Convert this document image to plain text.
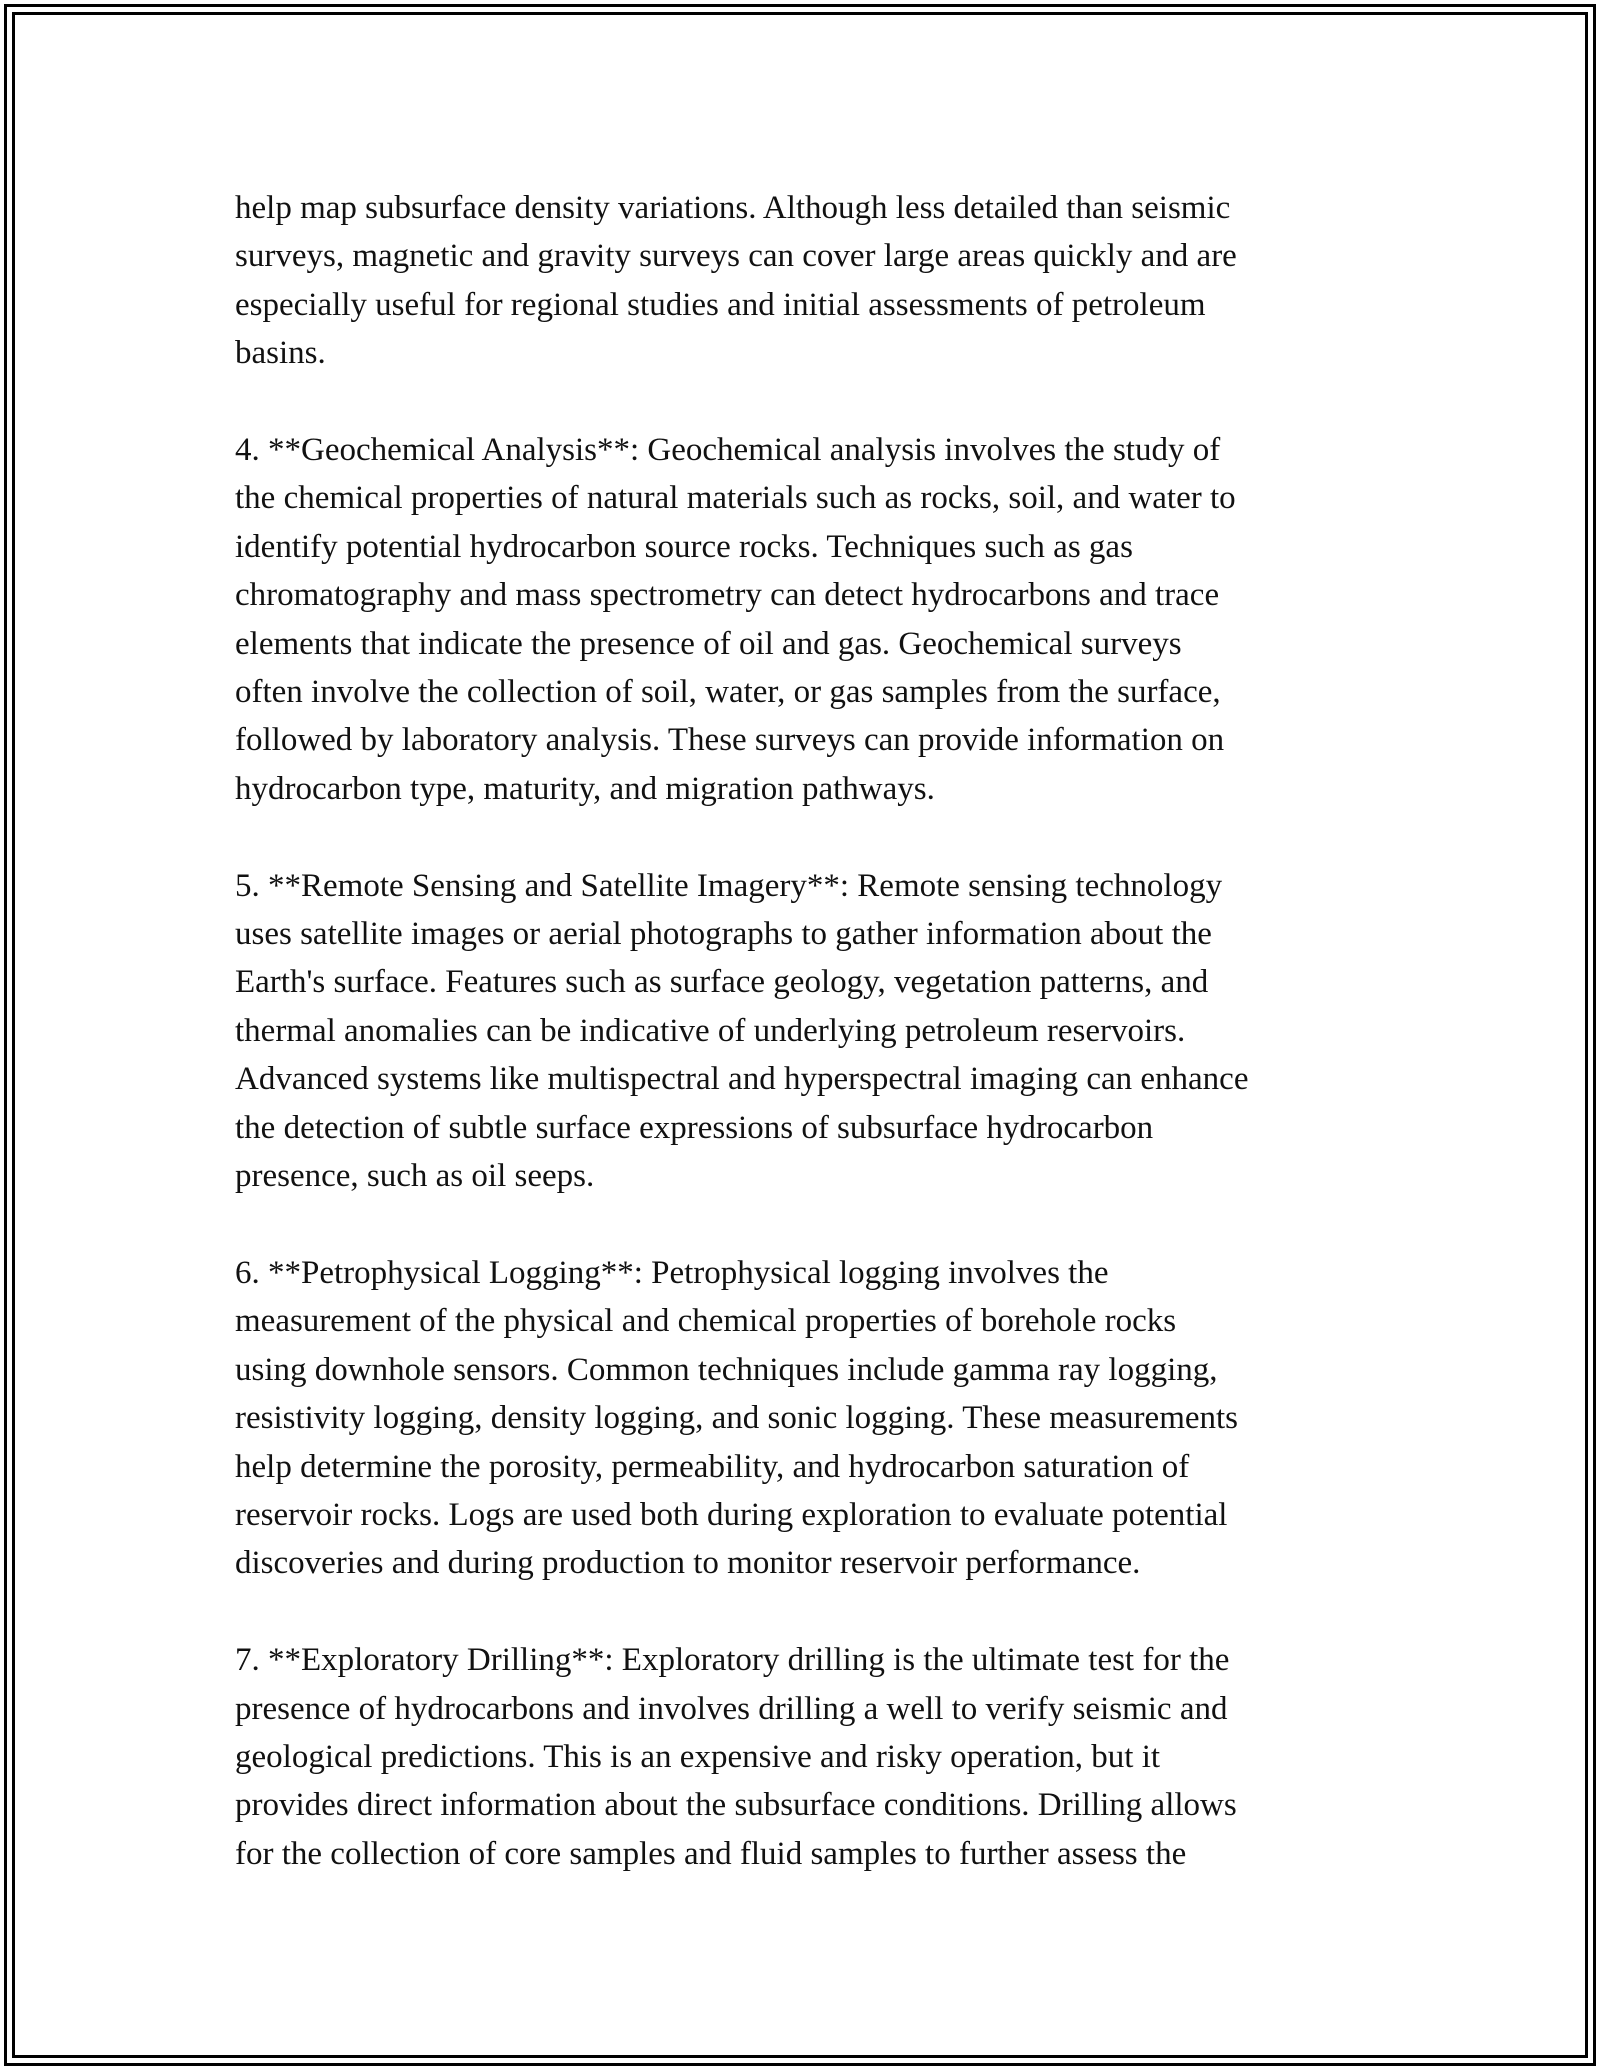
help map subsurface density variations. Although less detailed than seismic
surveys, magnetic and gravity surveys can cover large areas quickly and are
especially useful for regional studies and initial assessments of petroleum
basins.

4. **Geochemical Analysis**: Geochemical analysis involves the study of
the chemical properties of natural materials such as rocks, soil, and water to
identify potential hydrocarbon source rocks. Techniques such as gas
chromatography and mass spectrometry can detect hydrocarbons and trace
elements that indicate the presence of oil and gas. Geochemical surveys
often involve the collection of soil, water, or gas samples from the surface,
followed by laboratory analysis. These surveys can provide information on
hydrocarbon type, maturity, and migration pathways.

5. **Remote Sensing and Satellite Imagery**: Remote sensing technology
uses satellite images or aerial photographs to gather information about the
Earth's surface. Features such as surface geology, vegetation patterns, and
thermal anomalies can be indicative of underlying petroleum reservoirs.
Advanced systems like multispectral and hyperspectral imaging can enhance
the detection of subtle surface expressions of subsurface hydrocarbon
presence, such as oil seeps.

6. **Petrophysical Logging**: Petrophysical logging involves the
measurement of the physical and chemical properties of borehole rocks
using downhole sensors. Common techniques include gamma ray logging,
resistivity logging, density logging, and sonic logging. These measurements
help determine the porosity, permeability, and hydrocarbon saturation of
reservoir rocks. Logs are used both during exploration to evaluate potential
discoveries and during production to monitor reservoir performance.

7. **Exploratory Drilling**: Exploratory drilling is the ultimate test for the
presence of hydrocarbons and involves drilling a well to verify seismic and
geological predictions. This is an expensive and risky operation, but it
provides direct information about the subsurface conditions. Drilling allows
for the collection of core samples and fluid samples to further assess the
